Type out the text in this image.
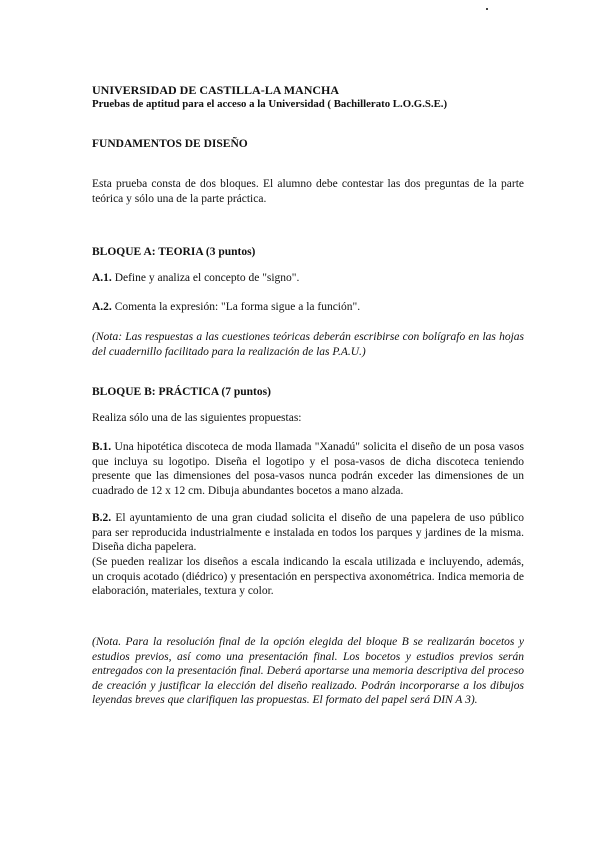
UNIVERSIDAD DE CASTILLA-LA MANCHA

Pruebas de aptitud para el acceso a la Universidad ( Bachillerato L.O.G.S.E.)

FUNDAMENTOS DE DISEÑO

Esta prueba consta de dos bloques. El alumno debe contestar las dos preguntas de la parte teórica y sólo una de la parte práctica.

BLOQUE A: TEORIA (3 puntos)

A.1. Define y analiza el concepto de "signo".

A.2. Comenta la expresión: "La forma sigue a la función".

(Nota: Las respuestas a las cuestiones teóricas deberán escribirse con bolígrafo en las hojas del cuadernillo facilitado para la realización de las P.A.U.)

BLOQUE B: PRÁCTICA (7 puntos)

Realiza sólo una de las siguientes propuestas:

B.1. Una hipotética discoteca de moda llamada "Xanadú" solicita el diseño de un posa vasos que incluya su logotipo. Diseña el logotipo y el posa-vasos de dicha discoteca teniendo presente que las dimensiones del posa-vasos nunca podrán exceder las dimensiones de un cuadrado de 12 x 12 cm. Dibuja abundantes bocetos a mano alzada.

B.2. El ayuntamiento de una gran ciudad solicita el diseño de una papelera de uso público para ser reproducida industrialmente e instalada en todos los parques y jardines de la misma. Diseña dicha papelera.

(Se pueden realizar los diseños a escala indicando la escala utilizada e incluyendo, además, un croquis acotado (diédrico) y presentación en perspectiva axonométrica. Indica memoria de elaboración, materiales, textura y color.

(Nota. Para la resolución final de la opción elegida del bloque B se realizarán bocetos y estudios previos, así como una presentación final. Los bocetos y estudios previos serán entregados con la presentación final. Deberá aportarse una memoria descriptiva del proceso de creación y justificar la elección del diseño realizado. Podrán incorporarse a los dibujos leyendas breves que clarifiquen las propuestas. El formato del papel será DIN A 3).
